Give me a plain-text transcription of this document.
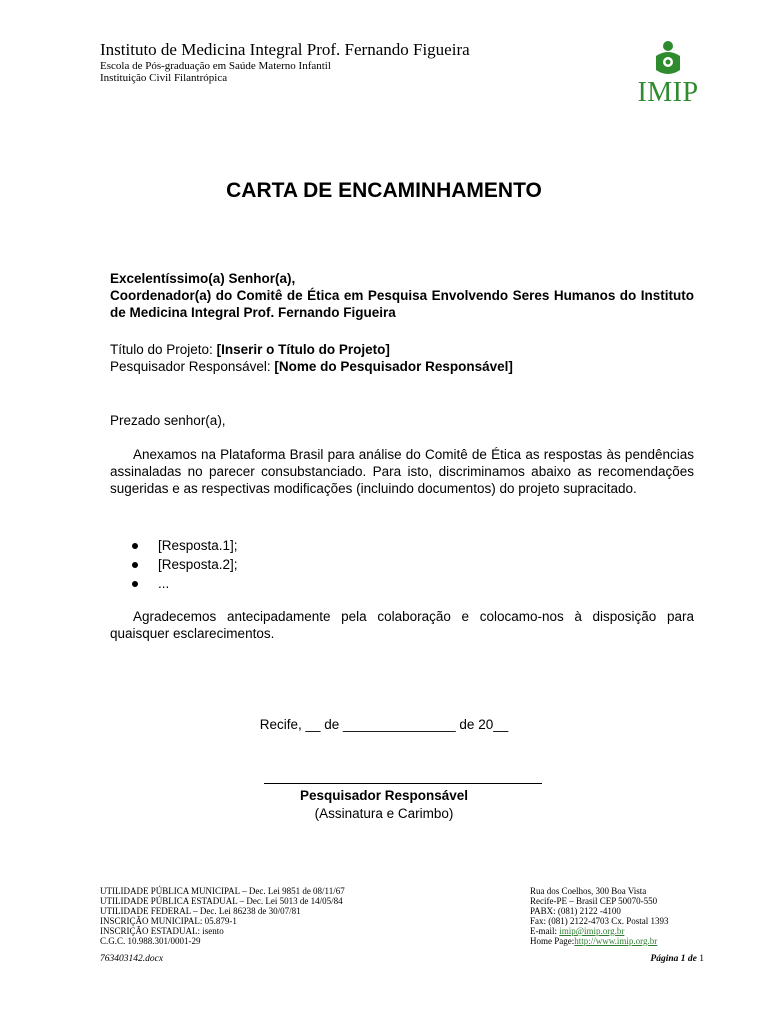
Instituto de Medicina Integral Prof. Fernando Figueira
Escola de Pós-graduação em Saúde Materno Infantil
Instituição Civil Filantrópica	IMIP
CARTA DE ENCAMINHAMENTO

Excelentíssimo(a) Senhor(a),

Coordenador(a) do Comitê de Ética em Pesquisa Envolvendo Seres Humanos do Instituto de Medicina Integral Prof. Fernando Figueira

Título do Projeto: [Inserir o Título do Projeto]

Pesquisador Responsável: [Nome do Pesquisador Responsável]

Prezado senhor(a),
Anexamos na Plataforma Brasil para análise do Comitê de Ética as respostas às pendências assinaladas no parecer consubstanciado. Para isto, discriminamos abaixo as recomendações sugeridas e as respectivas modificações (incluindo documentos) do projeto supracitado.
[Resposta.1];
[Resposta.2];
...
Agradecemos antecipadamente pela colaboração e colocamo-nos à disposição para quaisquer esclarecimentos.
Recife, __ de _______________ de 20__
Pesquisador Responsável
(Assinatura e Carimbo)
UTILIDADE PÚBLICA MUNICIPAL – Dec. Lei 9851 de 08/11/67
UTILIDADE PÚBLICA ESTADUAL – Dec. Lei 5013 de 14/05/84
UTILIDADE FEDERAL – Dec. Lei 86238 de 30/07/81
INSCRIÇÃO MUNICIPAL: 05.879-1
INSCRIÇÃO ESTADUAL: isento
C.G.C. 10.988.301/0001-29
Rua dos Coelhos, 300 Boa Vista
Recife-PE – Brasil CEP 50070-550
PABX: (081) 2122 -4100
Fax: (081) 2122-4703 Cx. Postal 1393
E-mail: imip@imip.org.br
Home Page:http://www.imip.org.br
763403142.docx	Página 1 de 1
